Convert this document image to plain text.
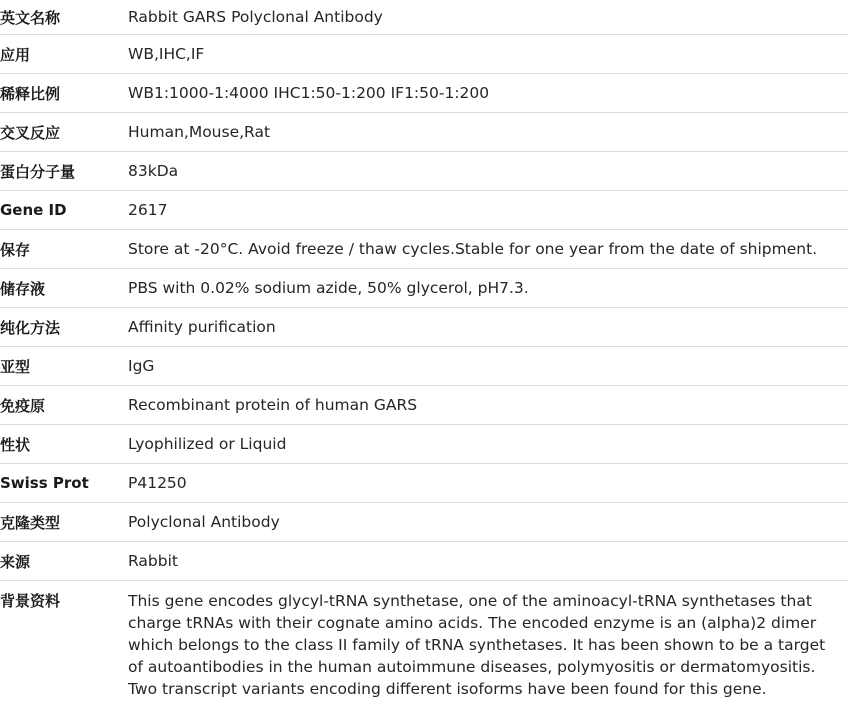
英文名称	Rabbit GARS Polyclonal Antibody
应用	WB,IHC,IF
稀释比例	WB1:1000-1:4000 IHC1:50-1:200 IF1:50-1:200
交叉反应	Human,Mouse,Rat
蛋白分子量	83kDa
Gene ID	2617
保存	Store at -20°C. Avoid freeze / thaw cycles.Stable for one year from the date of shipment.
储存液	PBS with 0.02% sodium azide, 50% glycerol, pH7.3.
纯化方法	Affinity purification
亚型	IgG
免疫原	Recombinant protein of human GARS
性状	Lyophilized or Liquid
Swiss Prot	P41250
克隆类型	Polyclonal Antibody
来源	Rabbit
背景资料	This gene encodes glycyl-tRNA synthetase, one of the aminoacyl-tRNA synthetases that charge tRNAs with their cognate amino acids. The encoded enzyme is an (alpha)2 dimer which belongs to the class II family of tRNA synthetases. It has been shown to be a target of autoantibodies in the human autoimmune diseases, polymyositis or dermatomyositis. Two transcript variants encoding different isoforms have been found for this gene.
